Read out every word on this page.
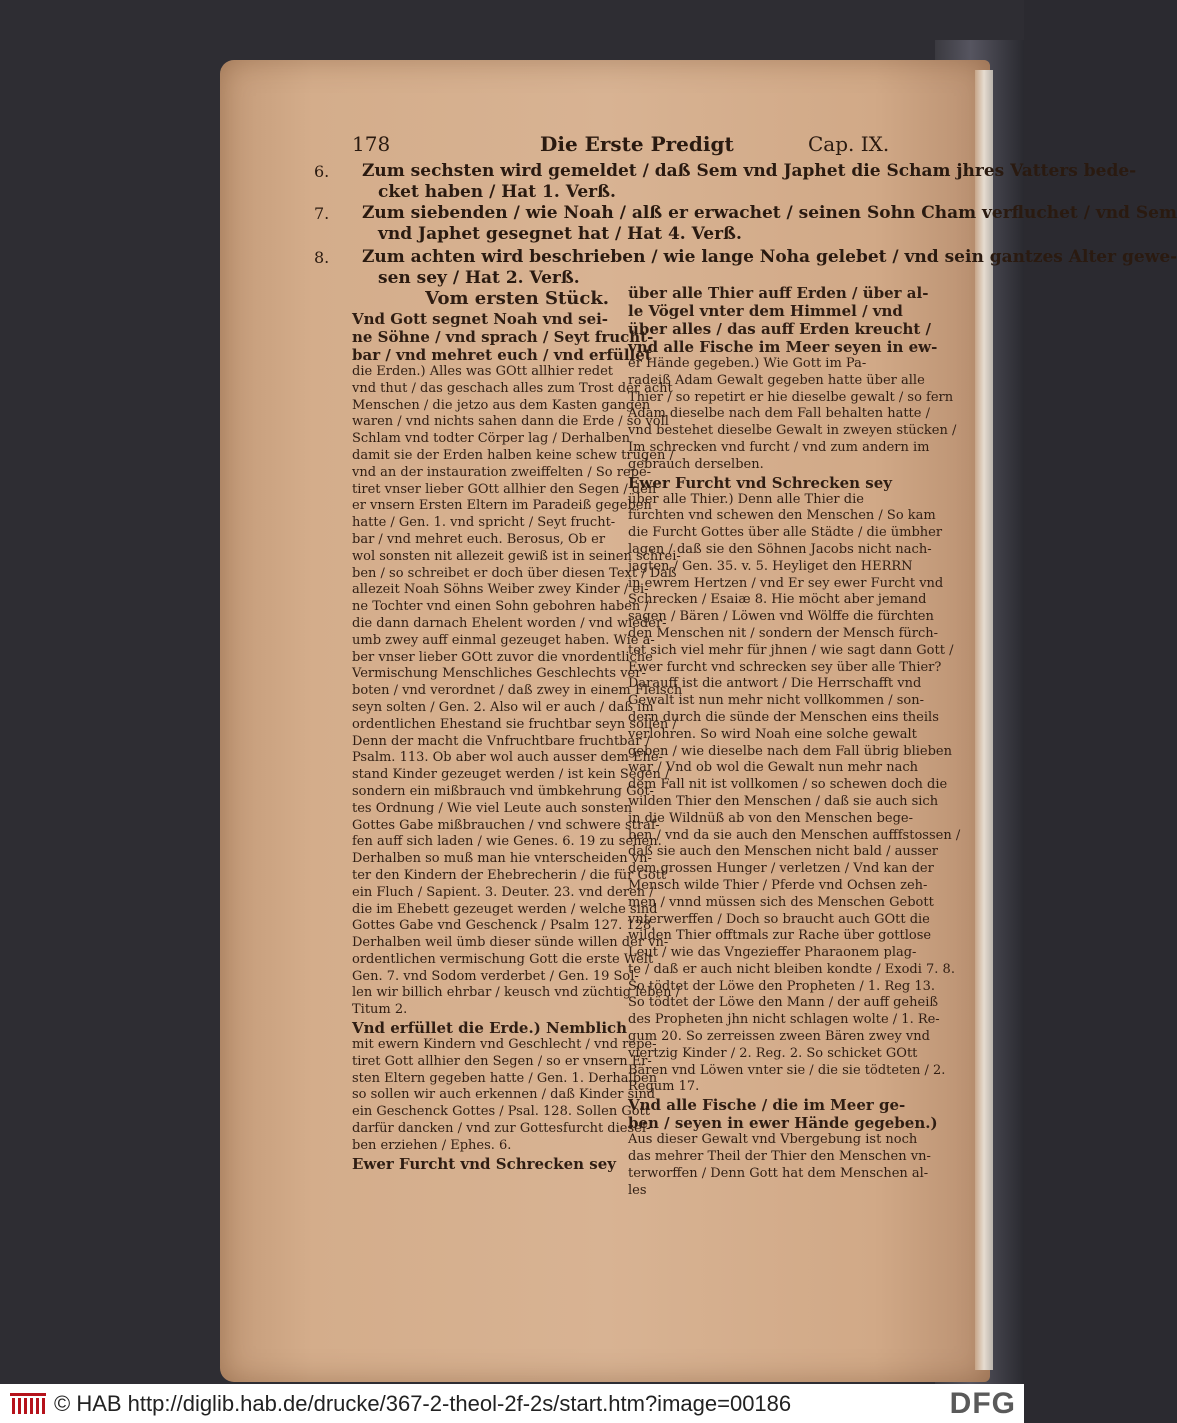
178	Die Erste Predigt	Cap. IX.
6. Zum sechsten wird gemeldet / daß Sem vnd Japhet die Scham jhres Vatters bede-
cket haben / Hat 1. Verß.
7. Zum siebenden / wie Noah / alß er erwachet / seinen Sohn Cham verfluchet / vnd Sem
vnd Japhet gesegnet hat / Hat 4. Verß.
8. Zum achten wird beschrieben / wie lange Noha gelebet / vnd sein gantzes Alter gewe-
sen sey / Hat 2. Verß.

Vom ersten Stück.

Vnd Gott segnet Noah vnd sei-

ne Söhne / vnd sprach / Seyt frucht-

bar / vnd mehret euch / vnd erfüllet

die Erden.) Alles was GOtt allhier redet

vnd thut / das geschach alles zum Trost der acht

Menschen / die jetzo aus dem Kasten gangen

waren / vnd nichts sahen dann die Erde / so voll

Schlam vnd todter Cörper lag / Derhalben

damit sie der Erden halben keine schew trügen /

vnd an der instauration zweiffelten / So repe-

tiret vnser lieber GOtt allhier den Segen / den

er vnsern Ersten Eltern im Paradeiß gegeben

hatte / Gen. 1. vnd spricht / Seyt frucht-

bar / vnd mehret euch. Berosus, Ob er

wol sonsten nit allezeit gewiß ist in seinen schrei-

ben / so schreibet er doch über diesen Text / Daß

allezeit Noah Söhns Weiber zwey Kinder / ei-

ne Tochter vnd einen Sohn gebohren haben /

die dann darnach Ehelent worden / vnd wieder-

umb zwey auff einmal gezeuget haben. Wie a-

ber vnser lieber GOtt zuvor die vnordentliche

Vermischung Menschliches Geschlechts ver-

boten / vnd verordnet / daß zwey in einem Fleisch

seyn solten / Gen. 2. Also wil er auch / daß im

ordentlichen Ehestand sie fruchtbar seyn sollen /

Denn der macht die Vnfruchtbare fruchtbar /

Psalm. 113. Ob aber wol auch ausser dem Ehe-

stand Kinder gezeuget werden / ist kein Segen /

sondern ein mißbrauch vnd ümbkehrung Got-

tes Ordnung / Wie viel Leute auch sonsten

Gottes Gabe mißbrauchen / vnd schwere straf-

fen auff sich laden / wie Genes. 6. 19 zu sehen.

Derhalben so muß man hie vnterscheiden vn-

ter den Kindern der Ehebrecherin / die für Gott

ein Fluch / Sapient. 3. Deuter. 23. vnd deren /

die im Ehebett gezeuget werden / welche sind

Gottes Gabe vnd Geschenck / Psalm 127. 128.

Derhalben weil ümb dieser sünde willen der vn-

ordentlichen vermischung Gott die erste Welt

Gen. 7. vnd Sodom verderbet / Gen. 19 Sol-

len wir billich ehrbar / keusch vnd züchtig leben /

Titum 2.

Vnd erfüllet die Erde.) Nemblich

mit ewern Kindern vnd Geschlecht / vnd repe-

tiret Gott allhier den Segen / so er vnsern Er-

sten Eltern gegeben hatte / Gen. 1. Derhalben

so sollen wir auch erkennen / daß Kinder sind

ein Geschenck Gottes / Psal. 128. Sollen Gott

darfür dancken / vnd zur Gottesfurcht diesel-

ben erziehen / Ephes. 6.

Ewer Furcht vnd Schrecken sey

über alle Thier auff Erden / über al-

le Vögel vnter dem Himmel / vnd

über alles / das auff Erden kreucht /

vnd alle Fische im Meer seyen in ew-

er Hände gegeben.) Wie Gott im Pa-

radeiß Adam Gewalt gegeben hatte über alle

Thier / so repetirt er hie dieselbe gewalt / so fern

Adam dieselbe nach dem Fall behalten hatte /

vnd bestehet dieselbe Gewalt in zweyen stücken /

Im schrecken vnd furcht / vnd zum andern im

gebrauch derselben.

Ewer Furcht vnd Schrecken sey

über alle Thier.) Denn alle Thier die

fürchten vnd schewen den Menschen / So kam

die Furcht Gottes über alle Städte / die ümbher

lagen / daß sie den Söhnen Jacobs nicht nach-

jagten / Gen. 35. v. 5. Heyliget den HERRN

in ewrem Hertzen / vnd Er sey ewer Furcht vnd

Schrecken / Esaiæ 8. Hie möcht aber jemand

sagen / Bären / Löwen vnd Wölffe die fürchten

den Menschen nit / sondern der Mensch fürch-

tet sich viel mehr für jhnen / wie sagt dann Gott /

Ewer furcht vnd schrecken sey über alle Thier?

Darauff ist die antwort / Die Herrschafft vnd

Gewalt ist nun mehr nicht vollkommen / son-

dern durch die sünde der Menschen eins theils

verlohren. So wird Noah eine solche gewalt

geben / wie dieselbe nach dem Fall übrig blieben

war / Vnd ob wol die Gewalt nun mehr nach

dem Fall nit ist vollkomen / so schewen doch die

wilden Thier den Menschen / daß sie auch sich

in die Wildnüß ab von den Menschen bege-

ben / vnd da sie auch den Menschen aufffstossen /

daß sie auch den Menschen nicht bald / ausser

dem grossen Hunger / verletzen / Vnd kan der

Mensch wilde Thier / Pferde vnd Ochsen zeh-

men / vnnd müssen sich des Menschen Gebott

vnterwerffen / Doch so braucht auch GOtt die

wilden Thier offtmals zur Rache über gottlose

Leut / wie das Vngezieffer Pharaonem plag-

te / daß er auch nicht bleiben kondte / Exodi 7. 8.

So tödtet der Löwe den Propheten / 1. Reg 13.

So tödtet der Löwe den Mann / der auff geheiß

des Propheten jhn nicht schlagen wolte / 1. Re-

gum 20. So zerreissen zween Bären zwey vnd

viertzig Kinder / 2. Reg. 2. So schicket GOtt

Bären vnd Löwen vnter sie / die sie tödteten / 2.

Regum 17.

Vnd alle Fische / die im Meer ge-

ben / seyen in ewer Hände gegeben.)

Aus dieser Gewalt vnd Vbergebung ist noch

das mehrer Theil der Thier den Menschen vn-

terworffen / Denn Gott hat dem Menschen al-

les

© HAB http://diglib.hab.de/drucke/367-2-theol-2f-2s/start.htm?image=00186	DFG
